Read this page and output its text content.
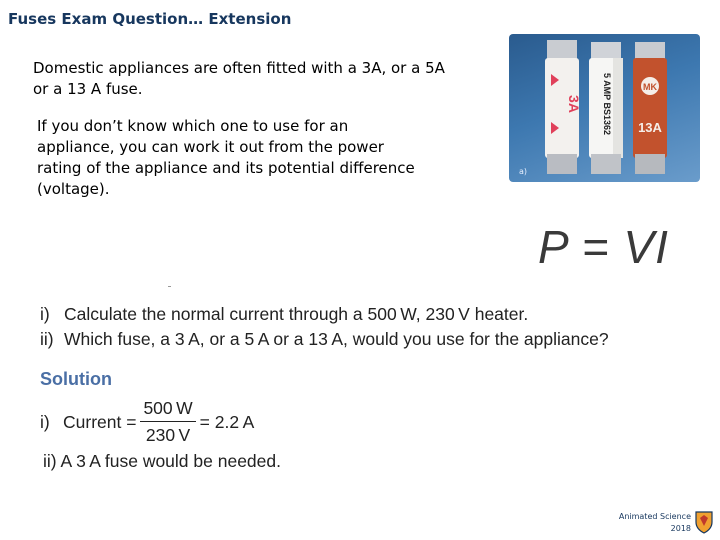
Fuses Exam Question… Extension

Domestic appliances are often fitted with a 3A, or a 5A or a 13 A fuse.

If you don’t know which one to use for an appliance, you can work it out from the power rating of the appliance and its potential difference (voltage).

3A 5 AMP BS1362	MK
13A
a)
P = VI
i) Calculate the normal current through a 500 W, 230 V heater.
ii) Which fuse, a 3 A, or a 5 A or a 13 A, would you use for the appliance?
Solution
i) Current = $\frac{500 W}{230 V} = 2.2$ A
ii) A 3 A fuse would be needed.
Animated Science
2018
